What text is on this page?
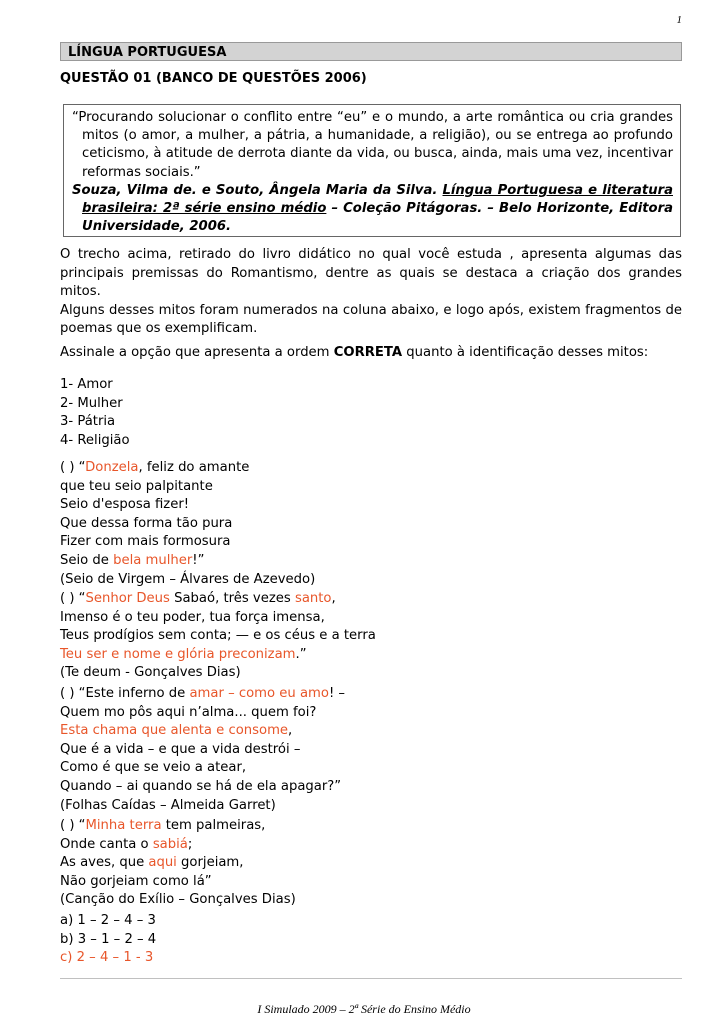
1
LÍNGUA PORTUGUESA
QUESTÃO 01 (BANCO DE QUESTÕES 2006)

“Procurando solucionar o conflito entre “eu” e o mundo, a arte romântica ou cria grandes mitos (o amor, a mulher, a pátria, a humanidade, a religião), ou se entrega ao profundo ceticismo, à atitude de derrota diante da vida, ou busca, ainda, mais uma vez, incentivar reformas sociais.”

Souza, Vilma de. e Souto, Ângela Maria da Silva. Língua Portuguesa e literatura brasileira: 2ª série ensino médio – Coleção Pitágoras. – Belo Horizonte, Editora Universidade, 2006.

O trecho acima, retirado do livro didático no qual você estuda , apresenta algumas das principais premissas do Romantismo, dentre as quais se destaca a criação dos grandes mitos.

Alguns desses mitos foram numerados na coluna abaixo, e logo após, existem fragmentos de poemas que os exemplificam.

Assinale a opção que apresenta a ordem CORRETA quanto à identificação desses mitos:

1- Amor

2- Mulher

3- Pátria

4- Religião

( ) “Donzela, feliz do amante

que teu seio palpitante

Seio d'esposa fizer!

Que dessa forma tão pura

Fizer com mais formosura

Seio de bela mulher!”

(Seio de Virgem – Álvares de Azevedo)

( ) “Senhor Deus Sabaó, três vezes santo,

Imenso é o teu poder, tua força imensa,

Teus prodígios sem conta; — e os céus e a terra

Teu ser e nome e glória preconizam.”

(Te deum - Gonçalves Dias)

( ) “Este inferno de amar – como eu amo! –

Quem mo pôs aqui n’alma... quem foi?

Esta chama que alenta e consome,

Que é a vida – e que a vida destrói –

Como é que se veio a atear,

Quando – ai quando se há de ela apagar?”

(Folhas Caídas – Almeida Garret)

( ) “Minha terra tem palmeiras,

Onde canta o sabiá;

As aves, que aqui gorjeiam,

Não gorjeiam como lá”

(Canção do Exílio – Gonçalves Dias)

a) 1 – 2 – 4 – 3

b) 3 – 1 – 2 – 4

c) 2 – 4 – 1 - 3

I Simulado 2009 – 2ª Série do Ensino Médio
